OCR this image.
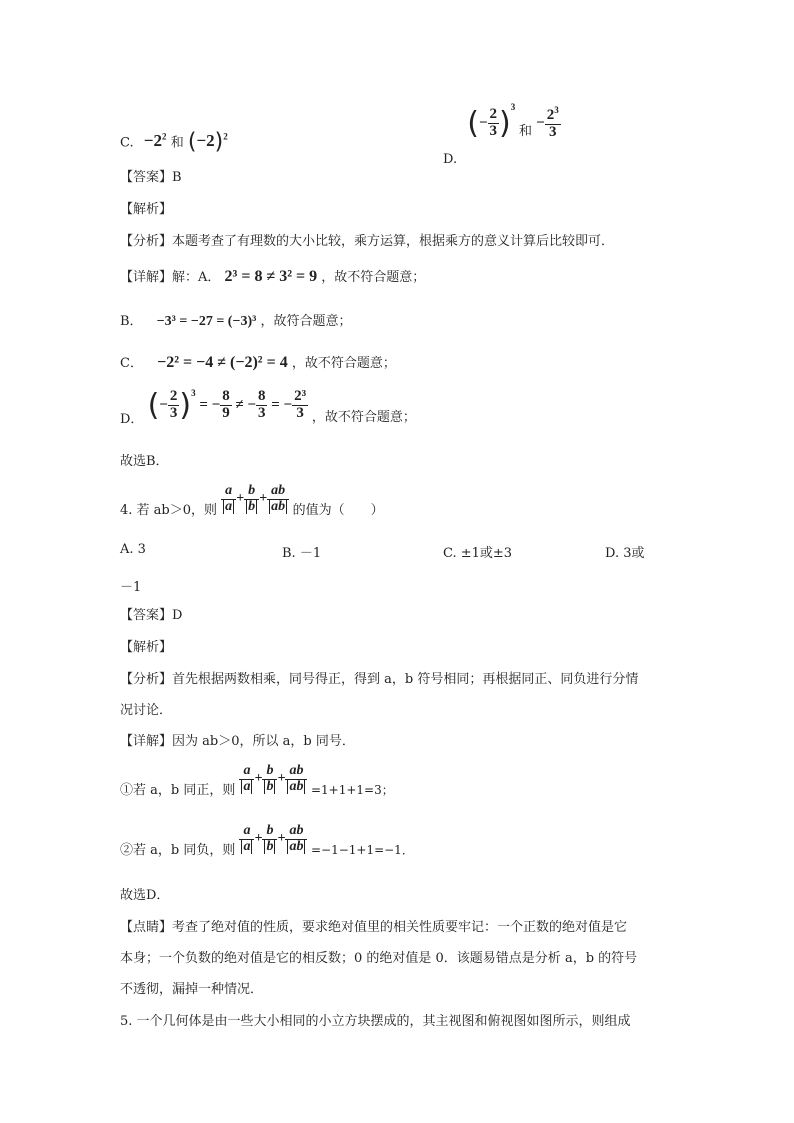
C. $-2^2$ 和 $(-2)^2$
D. (− $\frac{2}{3} )^3$ 和 − $\frac{2^3}{3}$
【答案】B
【解析】
【分析】本题考查了有理数的大小比较，乘方运算，根据乘方的意义计算后比较即可．
【详解】解：A． 2³ = 8 ≠ 3² = 9 ，故不符合题意；
B． −3³ = −27 = (−3)³ ，故符合题意；
C． −2² = −4 ≠ (−2)² = 4 ，故不符合题意；
D． (− $\frac{2}{3} )^3$ = − $\frac{8}{9}$ ≠ − $\frac{8}{3}$ = − $\frac{\text{2³}}{3}$ ，故不符合题意；
故选B．
4. 若 ab＞0，则 $\frac{a}{a} + \frac{b}{b} + \frac{ab}{ab}$ 的值为（　　）
A. 3	B. －1	C. ±1或±3	D. 3或
－1
【答案】D
【解析】
【分析】首先根据两数相乘，同号得正，得到 a，b 符号相同；再根据同正、同负进行分情
况讨论．
【详解】因为 ab＞0，所以 a，b 同号．
①若 a，b 同正，则 $\frac{a}{a} + \frac{b}{b} + \frac{ab}{ab} =1+1+1=3$；
②若 a，b 同负，则 $\frac{a}{a} + \frac{b}{b} + \frac{ab}{ab} =-1-1+1=-1$．
故选D．
【点睛】考查了绝对值的性质，要求绝对值里的相关性质要牢记：一个正数的绝对值是它
本身；一个负数的绝对值是它的相反数；0 的绝对值是 0．该题易错点是分析 a，b 的符号
不透彻，漏掉一种情况．
5. 一个几何体是由一些大小相同的小立方块摆成的，其主视图和俯视图如图所示，则组成
